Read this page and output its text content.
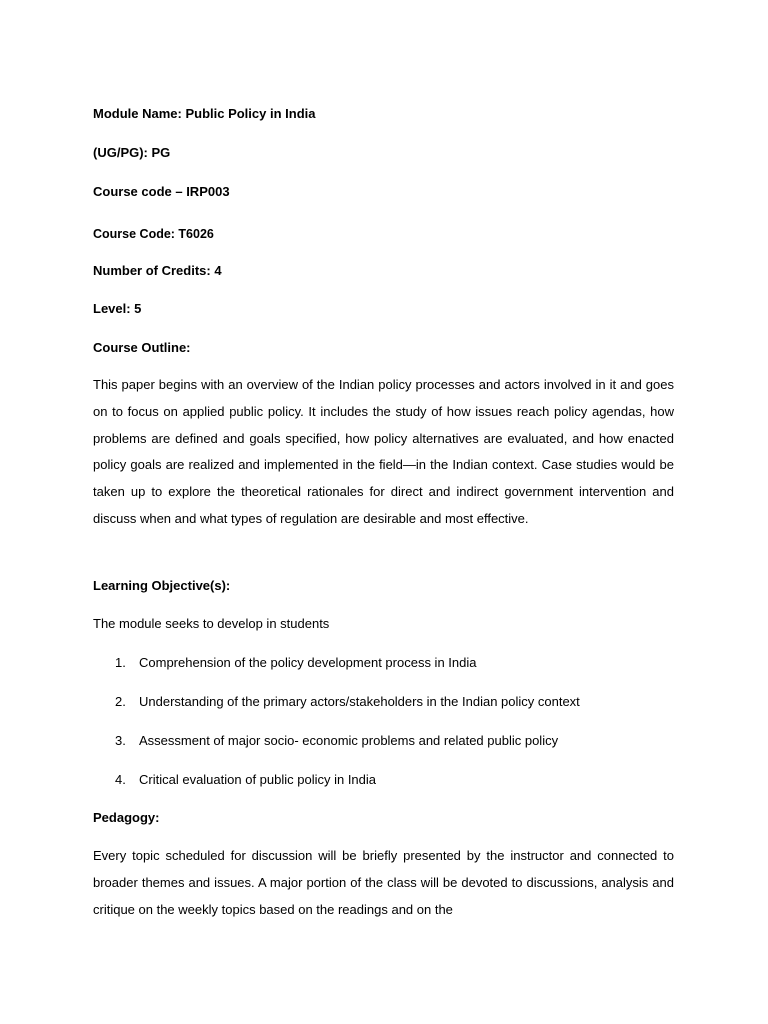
Module Name: Public Policy in India

(UG/PG): PG

Course code – IRP003

Course Code: T6026

Number of Credits: 4

Level: 5

Course Outline:

This paper begins with an overview of the Indian policy processes and actors involved in it and goes on to focus on applied public policy. It includes the study of how issues reach policy agendas, how problems are defined and goals specified, how policy alternatives are evaluated, and how enacted policy goals are realized and implemented in the field—in the Indian context. Case studies would be taken up to explore the theoretical rationales for direct and indirect government intervention and discuss when and what types of regulation are desirable and most effective.

Learning Objective(s):

The module seeks to develop in students

1. Comprehension of the policy development process in India
2. Understanding of the primary actors/stakeholders in the Indian policy context
3. Assessment of major socio- economic problems and related public policy
4. Critical evaluation of public policy in India

Pedagogy:

Every topic scheduled for discussion will be briefly presented by the instructor and connected to broader themes and issues. A major portion of the class will be devoted to discussions, analysis and critique on the weekly topics based on the readings and on the
